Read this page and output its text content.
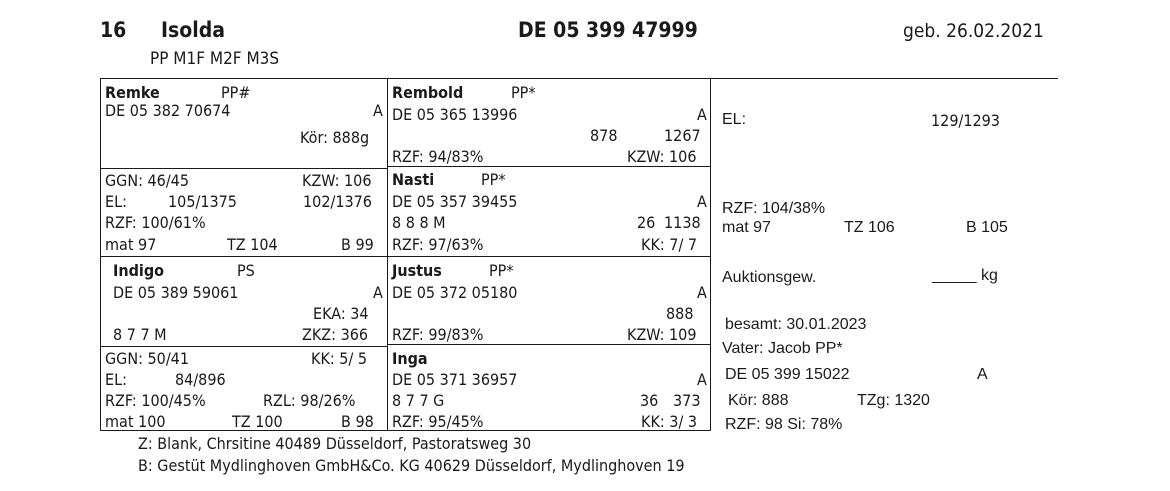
16 Isolda	DE 05 399 47999	geb. 26.02.2021
PP M1F M2F M3S
Remke	PP#
DE 05 382 70674	A
Kör: 888g
GGN: 46/45	KZW: 106
EL:	105/1375	102/1376
RZF: 100/61%
mat 97	TZ 104	B 99
Rembold	PP*
DE 05 365 13996	A
878	1267
RZF: 94/83%	KZW: 106
Nasti	PP*
DE 05 357 39455	A
8 8 8 M	26 1138
RZF: 97/63%	KK: 7/ 7
Indigo	PS
DE 05 389 59061	A
EKA: 34
8 7 7 M	ZKZ: 366
GGN: 50/41	KK: 5/ 5
EL:	84/896
RZF: 100/45%	RZL: 98/26%
mat 100	TZ 100	B 98
Justus	PP*
DE 05 372 05180	A
888
RZF: 99/83%	KZW: 109
Inga
DE 05 371 36957	A
8 7 7 G	36 373
RZF: 95/45%	KK: 3/ 3
EL:	129/1293
RZF: 104/38%
mat 97	TZ 106	B 105
Auktionsgew.	_____ kg
besamt: 30.01.2023
Vater: Jacob PP*
DE 05 399 15022	A
Kör: 888	TZg: 1320
RZF: 98 Si: 78%
Z: Blank, Chrsitine 40489 Düsseldorf, Pastoratsweg 30
B: Gestüt Mydlinghoven GmbH&Co. KG 40629 Düsseldorf, Mydlinghoven 19
